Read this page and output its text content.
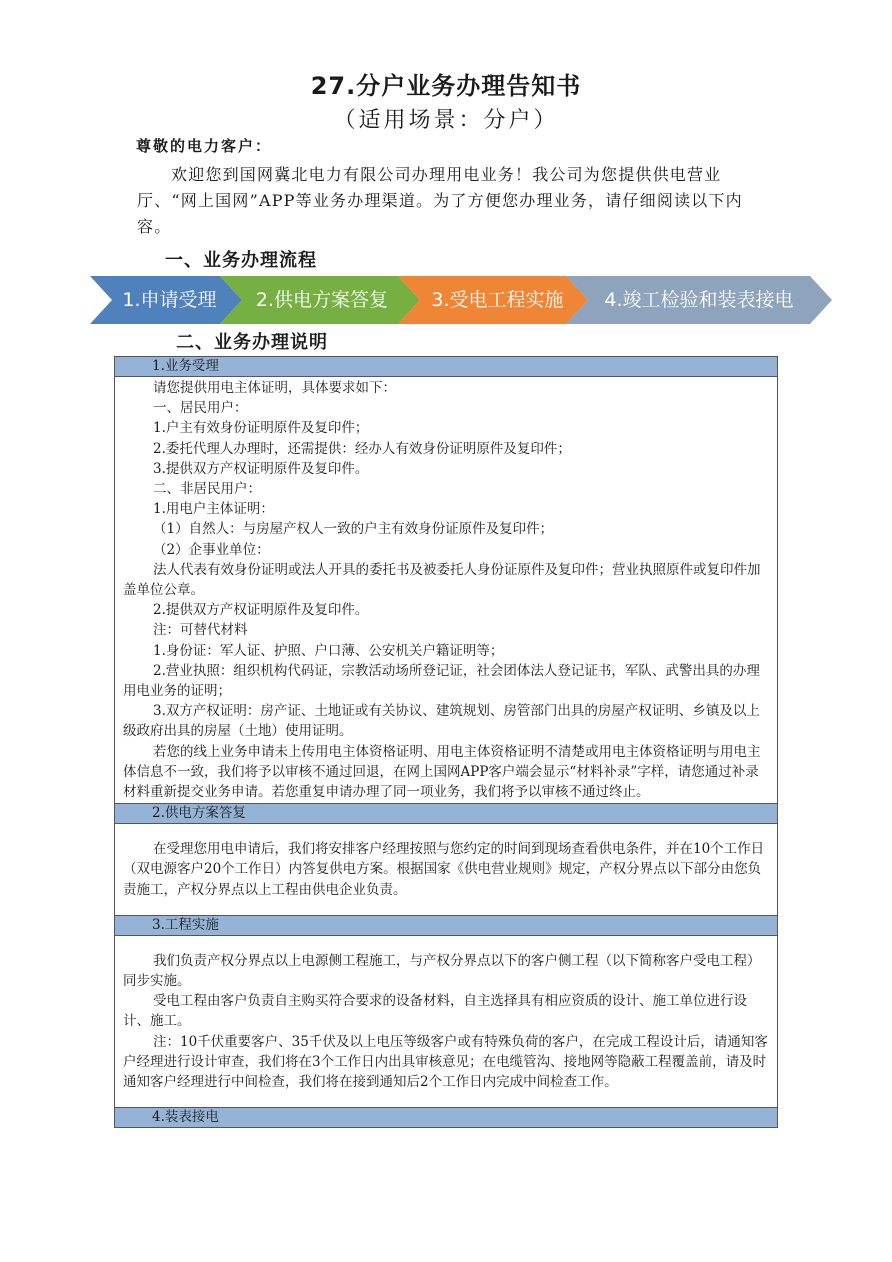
27.分户业务办理告知书
（适用场景：分户）
尊敬的电力客户：
欢迎您到国网冀北电力有限公司办理用电业务！我公司为您提供供电营业厅、“网上国网”APP等业务办理渠道。为了方便您办理业务，请仔细阅读以下内容。
一、业务办理流程
1.申请受理	2.供电方案答复	3.受电工程实施	4.竣工检验和装表接电
二、业务办理说明
1.业务受理

请您提供用电主体证明，具体要求如下：

一、居民用户：

1.户主有效身份证明原件及复印件；

2.委托代理人办理时，还需提供：经办人有效身份证明原件及复印件；

3.提供双方产权证明原件及复印件。

二、非居民用户：

1.用电户主体证明：

（1）自然人：与房屋产权人一致的户主有效身份证原件及复印件；

（2）企事业单位：

法人代表有效身份证明或法人开具的委托书及被委托人身份证原件及复印件；营业执照原件或复印件加盖单位公章。

2.提供双方产权证明原件及复印件。

注：可替代材料

1.身份证：军人证、护照、户口薄、公安机关户籍证明等；

2.营业执照：组织机构代码证，宗教活动场所登记证，社会团体法人登记证书，军队、武警出具的办理用电业务的证明；

3.双方产权证明：房产证、土地证或有关协议、建筑规划、房管部门出具的房屋产权证明、乡镇及以上级政府出具的房屋（土地）使用证明。

若您的线上业务申请未上传用电主体资格证明、用电主体资格证明不清楚或用电主体资格证明与用电主体信息不一致，我们将予以审核不通过回退，在网上国网APP客户端会显示“材料补录”字样，请您通过补录材料重新提交业务申请。若您重复申请办理了同一项业务，我们将予以审核不通过终止。

2.供电方案答复

在受理您用电申请后，我们将安排客户经理按照与您约定的时间到现场查看供电条件，并在10个工作日（双电源客户20个工作日）内答复供电方案。根据国家《供电营业规则》规定，产权分界点以下部分由您负责施工，产权分界点以上工程由供电企业负责。

3.工程实施

我们负责产权分界点以上电源侧工程施工，与产权分界点以下的客户侧工程（以下简称客户受电工程）同步实施。

受电工程由客户负责自主购买符合要求的设备材料，自主选择具有相应资质的设计、施工单位进行设计、施工。

注：10千伏重要客户、35千伏及以上电压等级客户或有特殊负荷的客户，在完成工程设计后，请通知客户经理进行设计审查，我们将在3个工作日内出具审核意见；在电缆管沟、接地网等隐蔽工程覆盖前，请及时通知客户经理进行中间检查，我们将在接到通知后2个工作日内完成中间检查工作。

4.装表接电
